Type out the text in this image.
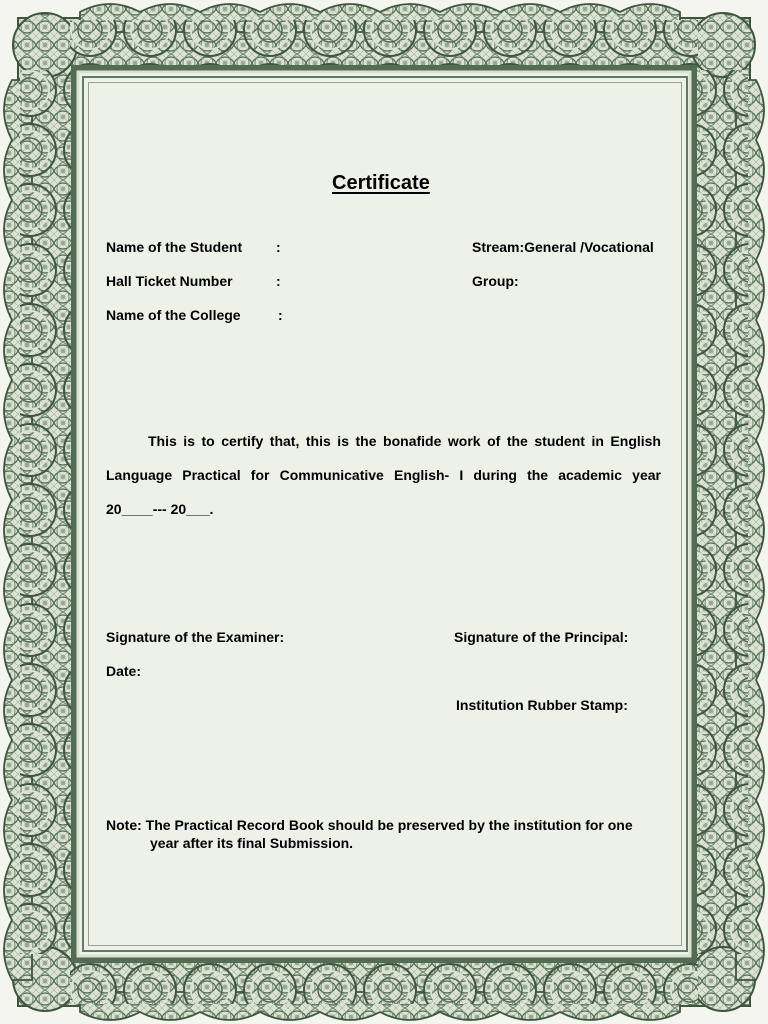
Certificate
Name of the Student :	Stream:General /Vocational
Hall Ticket Number	:	Group:
Name of the College	:
This is to certify that, this is the bonafide work of the student in English
Language Practical for Communicative English- I during the academic year
20____--- 20___.
Signature of the Examiner:	Signature of the Principal:
Date:
Institution Rubber Stamp:
Note: The Practical Record Book should be preserved by the institution for one
year after its final Submission.
